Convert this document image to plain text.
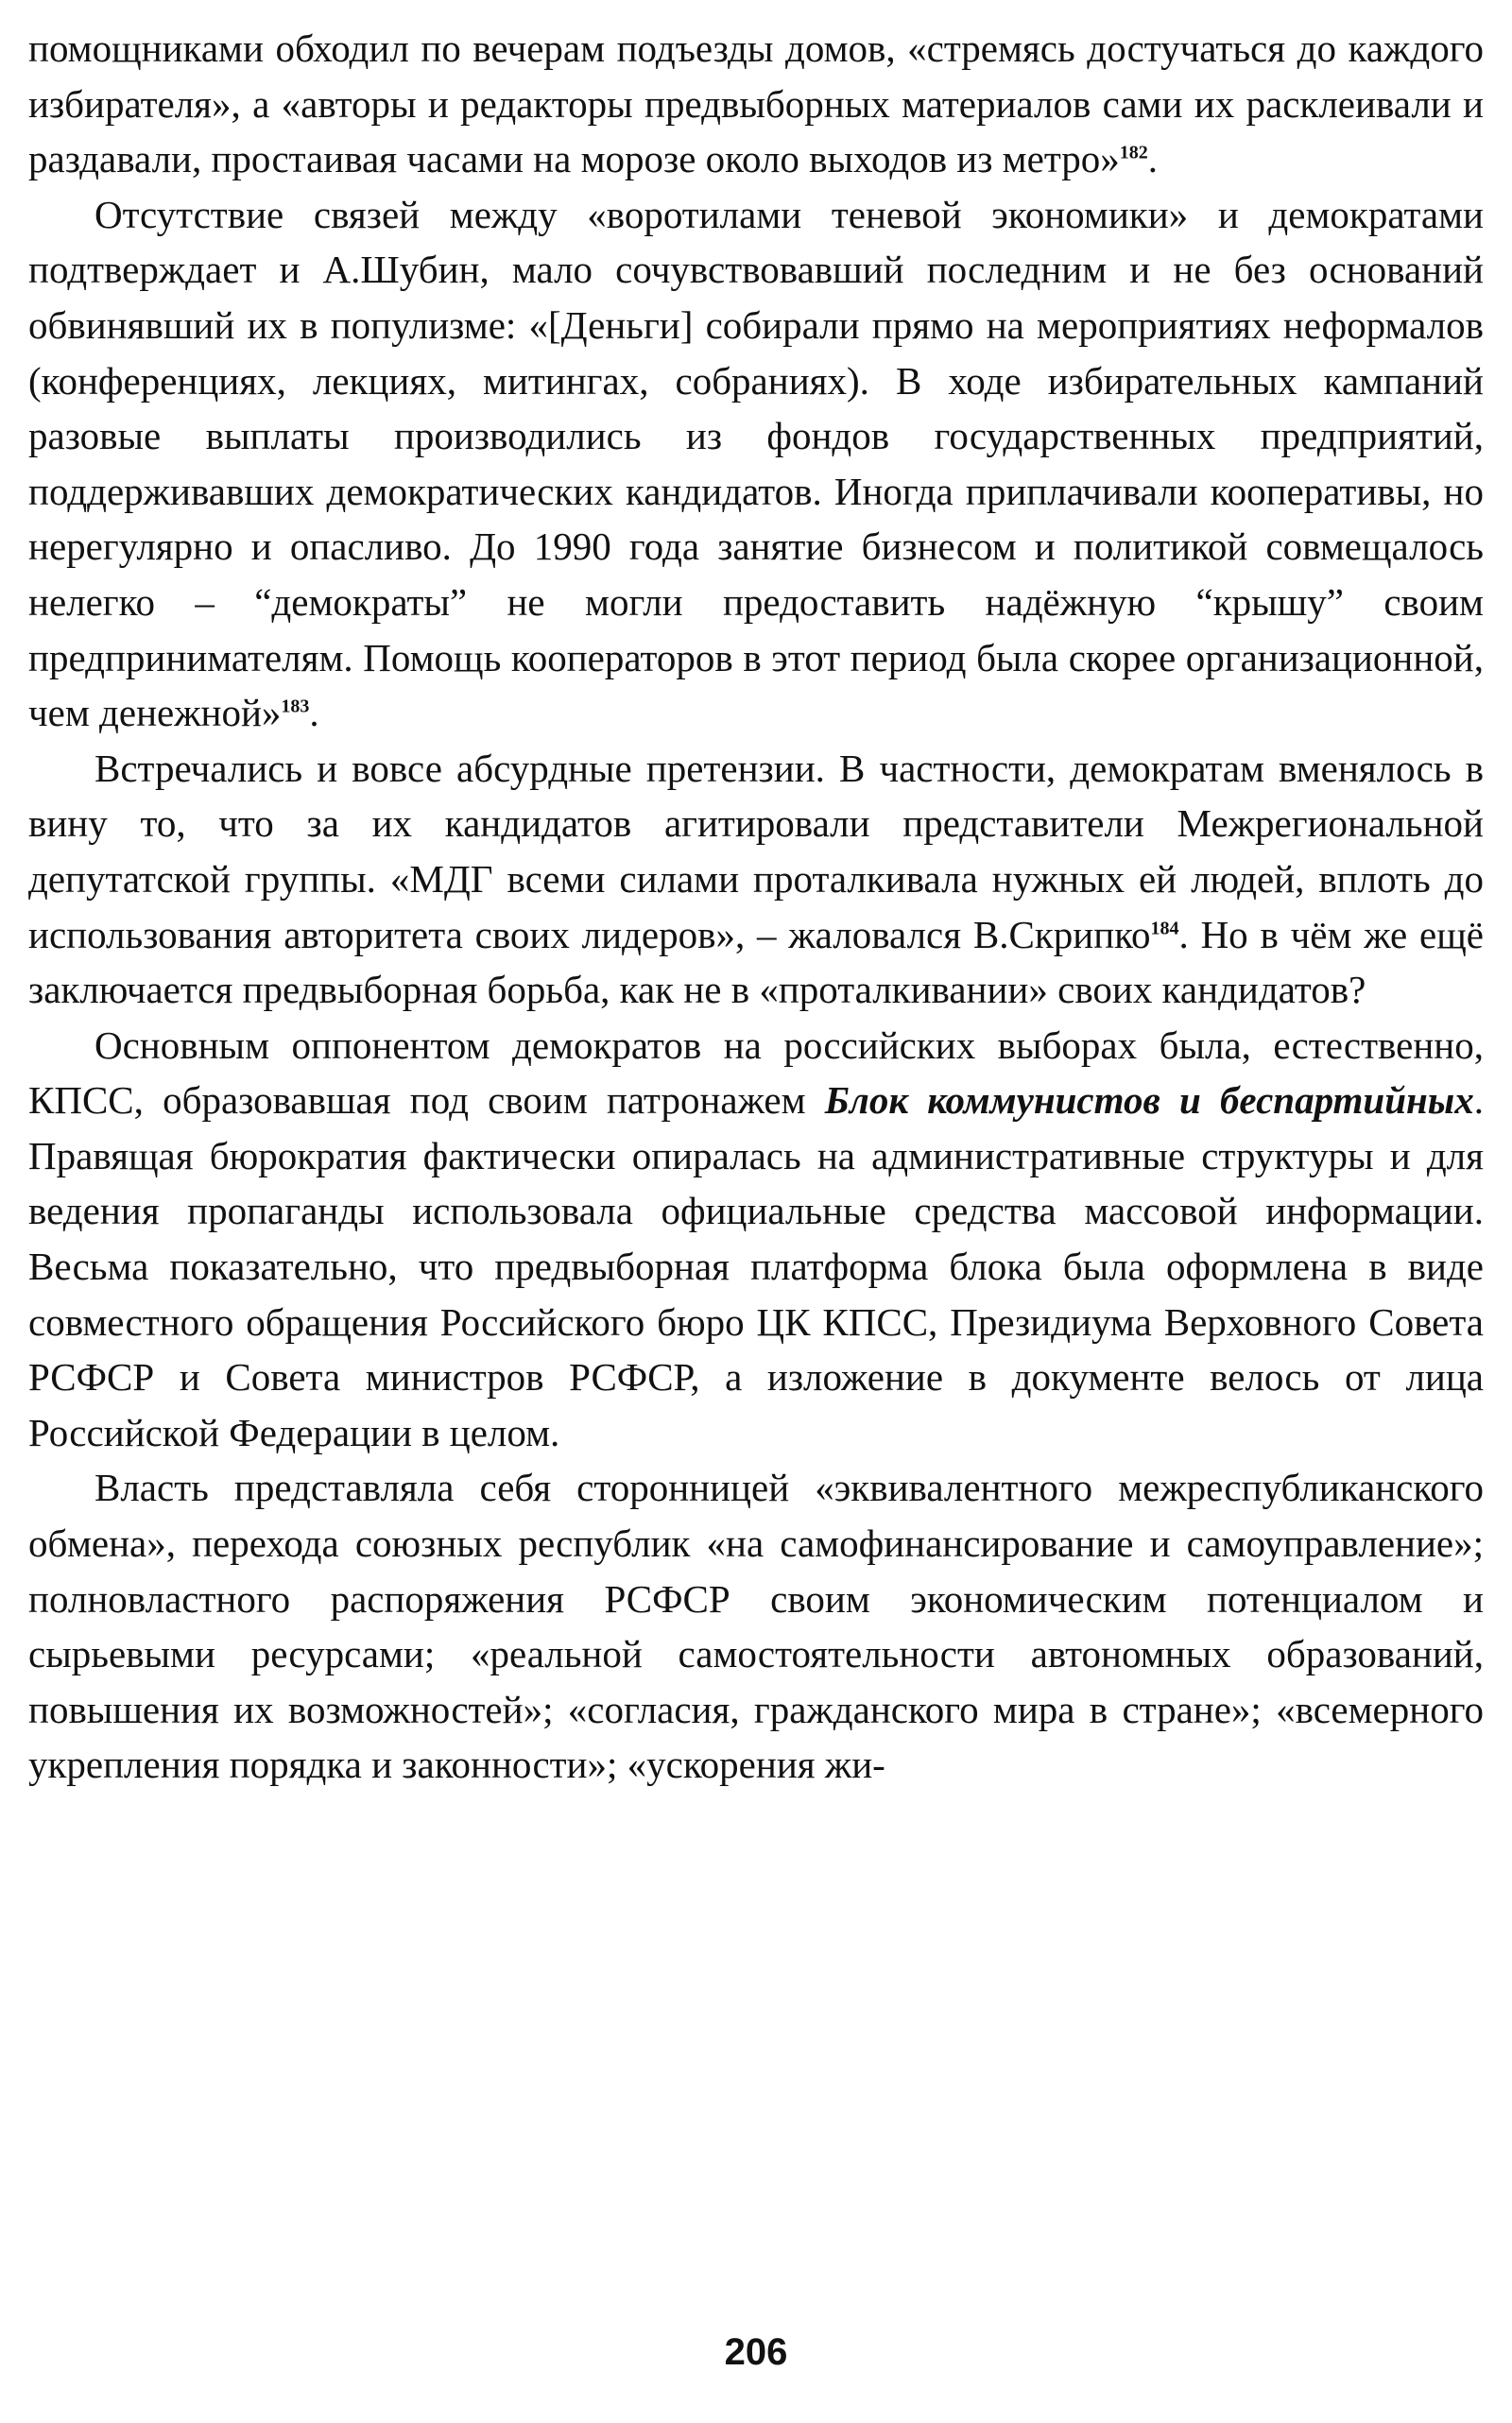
помощниками обходил по вечерам подъезды домов, «стремясь достучаться до каждого избирателя», а «авторы и редакторы предвыборных материалов сами их расклеивали и раздавали, простаивая часами на морозе около выходов из метро»$^{182}$.

Отсутствие связей между «воротилами теневой экономики» и демократами подтверждает и А.Шубин, мало сочувствовавший последним и не без оснований обвинявший их в популизме: «[Деньги] собирали прямо на мероприятиях неформалов (конференциях, лекциях, митингах, собраниях). В ходе избирательных кампаний разовые выплаты производились из фондов государственных предприятий, поддерживавших демократических кандидатов. Иногда приплачивали кооперативы, но нерегулярно и опасливо. До 1990 года занятие бизнесом и политикой совмещалось нелегко – “демократы” не могли предоставить надёжную “крышу” своим предпринимателям. Помощь кооператоров в этот период была скорее организационной, чем денежной»$^{183}$.

Встречались и вовсе абсурдные претензии. В частности, демократам вменялось в вину то, что за их кандидатов агитировали представители Межрегиональной депутатской группы. «МДГ всеми силами проталкивала нужных ей людей, вплоть до использования авторитета своих лидеров», – жаловался В.Скрипко$^{184}$. Но в чём же ещё заключается предвыборная борьба, как не в «проталкивании» своих кандидатов?

Основным оппонентом демократов на российских выборах была, естественно, КПСС, образовавшая под своим патронажем Блок коммунистов и беспартийных. Правящая бюрократия фактически опиралась на административные структуры и для ведения пропаганды использовала официальные средства массовой информации. Весьма показательно, что предвыборная платформа блока была оформлена в виде совместного обращения Российского бюро ЦК КПСС, Президиума Верховного Совета РСФСР и Совета министров РСФСР, а изложение в документе велось от лица Российской Федерации в целом.

Власть представляла себя сторонницей «эквивалентного межреспубликанского обмена», перехода союзных республик «на самофинансирование и самоуправление»; полновластного распоряжения РСФСР своим экономическим потенциалом и сырьевыми ресурсами; «реальной самостоятельности автономных образований, повышения их возможностей»; «согласия, гражданского мира в стране»; «всемерного укрепления порядка и законности»; «ускорения жи-

206
